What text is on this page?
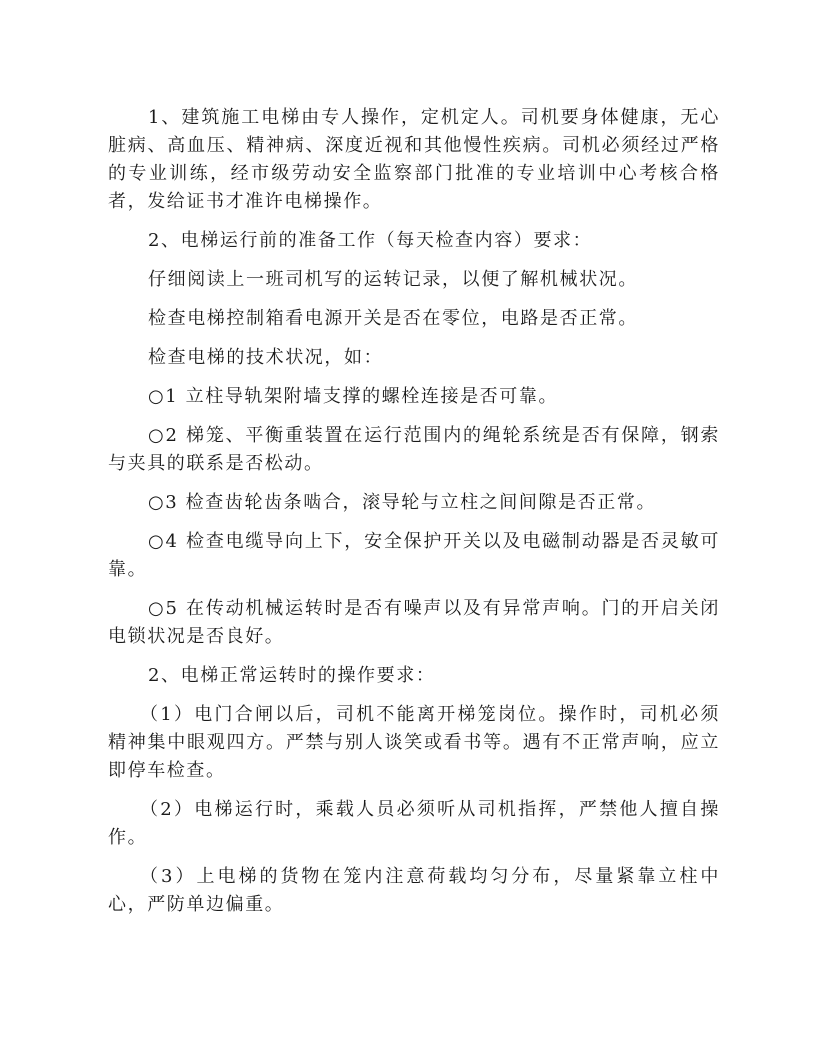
1、建筑施工电梯由专人操作，定机定人。司机要身体健康，无心脏病、高血压、精神病、深度近视和其他慢性疾病。司机必须经过严格的专业训练，经市级劳动安全监察部门批准的专业培训中心考核合格者，发给证书才准许电梯操作。

2、电梯运行前的准备工作（每天检查内容）要求：

仔细阅读上一班司机写的运转记录，以便了解机械状况。

检查电梯控制箱看电源开关是否在零位，电路是否正常。

检查电梯的技术状况，如：

○1 立柱导轨架附墙支撑的螺栓连接是否可靠。

○2 梯笼、平衡重装置在运行范围内的绳轮系统是否有保障，钢索与夹具的联系是否松动。

○3 检查齿轮齿条啮合，滚导轮与立柱之间间隙是否正常。

○4 检查电缆导向上下，安全保护开关以及电磁制动器是否灵敏可靠。

○5 在传动机械运转时是否有噪声以及有异常声响。门的开启关闭电锁状况是否良好。

2、电梯正常运转时的操作要求：

（1）电门合闸以后，司机不能离开梯笼岗位。操作时，司机必须精神集中眼观四方。严禁与别人谈笑或看书等。遇有不正常声响，应立即停车检查。

（2）电梯运行时，乘载人员必须听从司机指挥，严禁他人擅自操作。

（3）上电梯的货物在笼内注意荷载均匀分布，尽量紧靠立柱中心，严防单边偏重。
